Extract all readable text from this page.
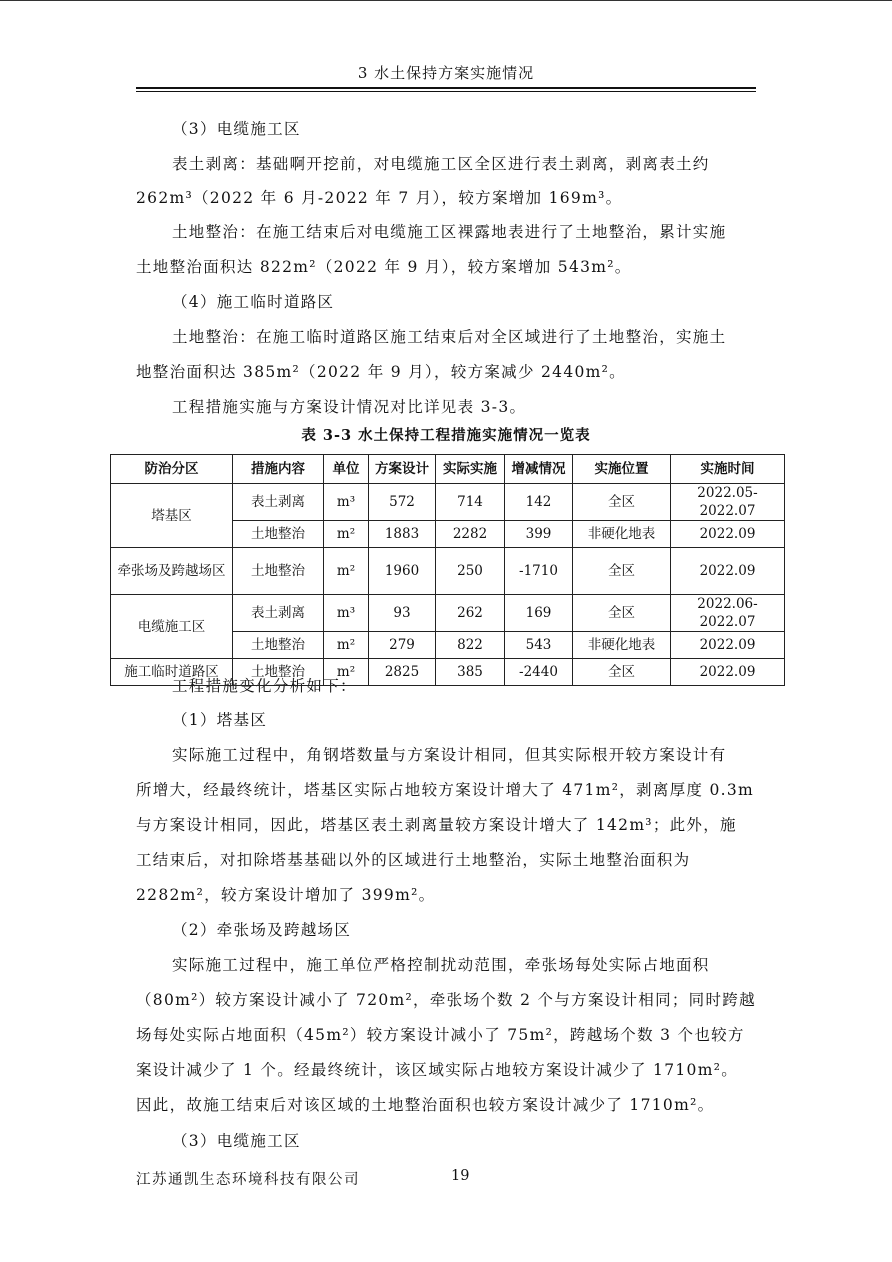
3 水土保持方案实施情况
（3）电缆施工区
表土剥离：基础啊开挖前，对电缆施工区全区进行表土剥离，剥离表土约
262m³（2022 年 6 月-2022 年 7 月），较方案增加 169m³。
土地整治：在施工结束后对电缆施工区裸露地表进行了土地整治，累计实施
土地整治面积达 822m²（2022 年 9 月），较方案增加 543m²。
（4）施工临时道路区
土地整治：在施工临时道路区施工结束后对全区域进行了土地整治，实施土
地整治面积达 385m²（2022 年 9 月），较方案减少 2440m²。
工程措施实施与方案设计情况对比详见表 3-3。
工程措施变化分析如下：
（1）塔基区
实际施工过程中，角钢塔数量与方案设计相同，但其实际根开较方案设计有
所增大，经最终统计，塔基区实际占地较方案设计增大了 471m²，剥离厚度 0.3m
与方案设计相同，因此，塔基区表土剥离量较方案设计增大了 142m³；此外，施
工结束后，对扣除塔基基础以外的区域进行土地整治，实际土地整治面积为
2282m²，较方案设计增加了 399m²。
（2）牵张场及跨越场区
实际施工过程中，施工单位严格控制扰动范围，牵张场每处实际占地面积
（80m²）较方案设计减小了 720m²，牵张场个数 2 个与方案设计相同；同时跨越
场每处实际占地面积（45m²）较方案设计减小了 75m²，跨越场个数 3 个也较方
案设计减少了 1 个。经最终统计，该区域实际占地较方案设计减少了 1710m²。
因此，故施工结束后对该区域的土地整治面积也较方案设计减少了 1710m²。
（3）电缆施工区
表 3-3 水土保持工程措施实施情况一览表
防治分区	措施内容	单位	方案设计	实际实施	增减情况	实施位置	实施时间
塔基区	表土剥离	m³	572	714	142	全区	2022.05-2022.07
	土地整治	m²	1883	2282	399	非硬化地表	2022.09
牵张场及跨越场区	土地整治	m²	1960	250	-1710	全区	2022.09
电缆施工区	表土剥离	m³	93	262	169	全区	2022.06-2022.07
	土地整治	m²	279	822	543	非硬化地表	2022.09
施工临时道路区	土地整治	m²	2825	385	-2440	全区	2022.09
江苏通凯生态环境科技有限公司	19
